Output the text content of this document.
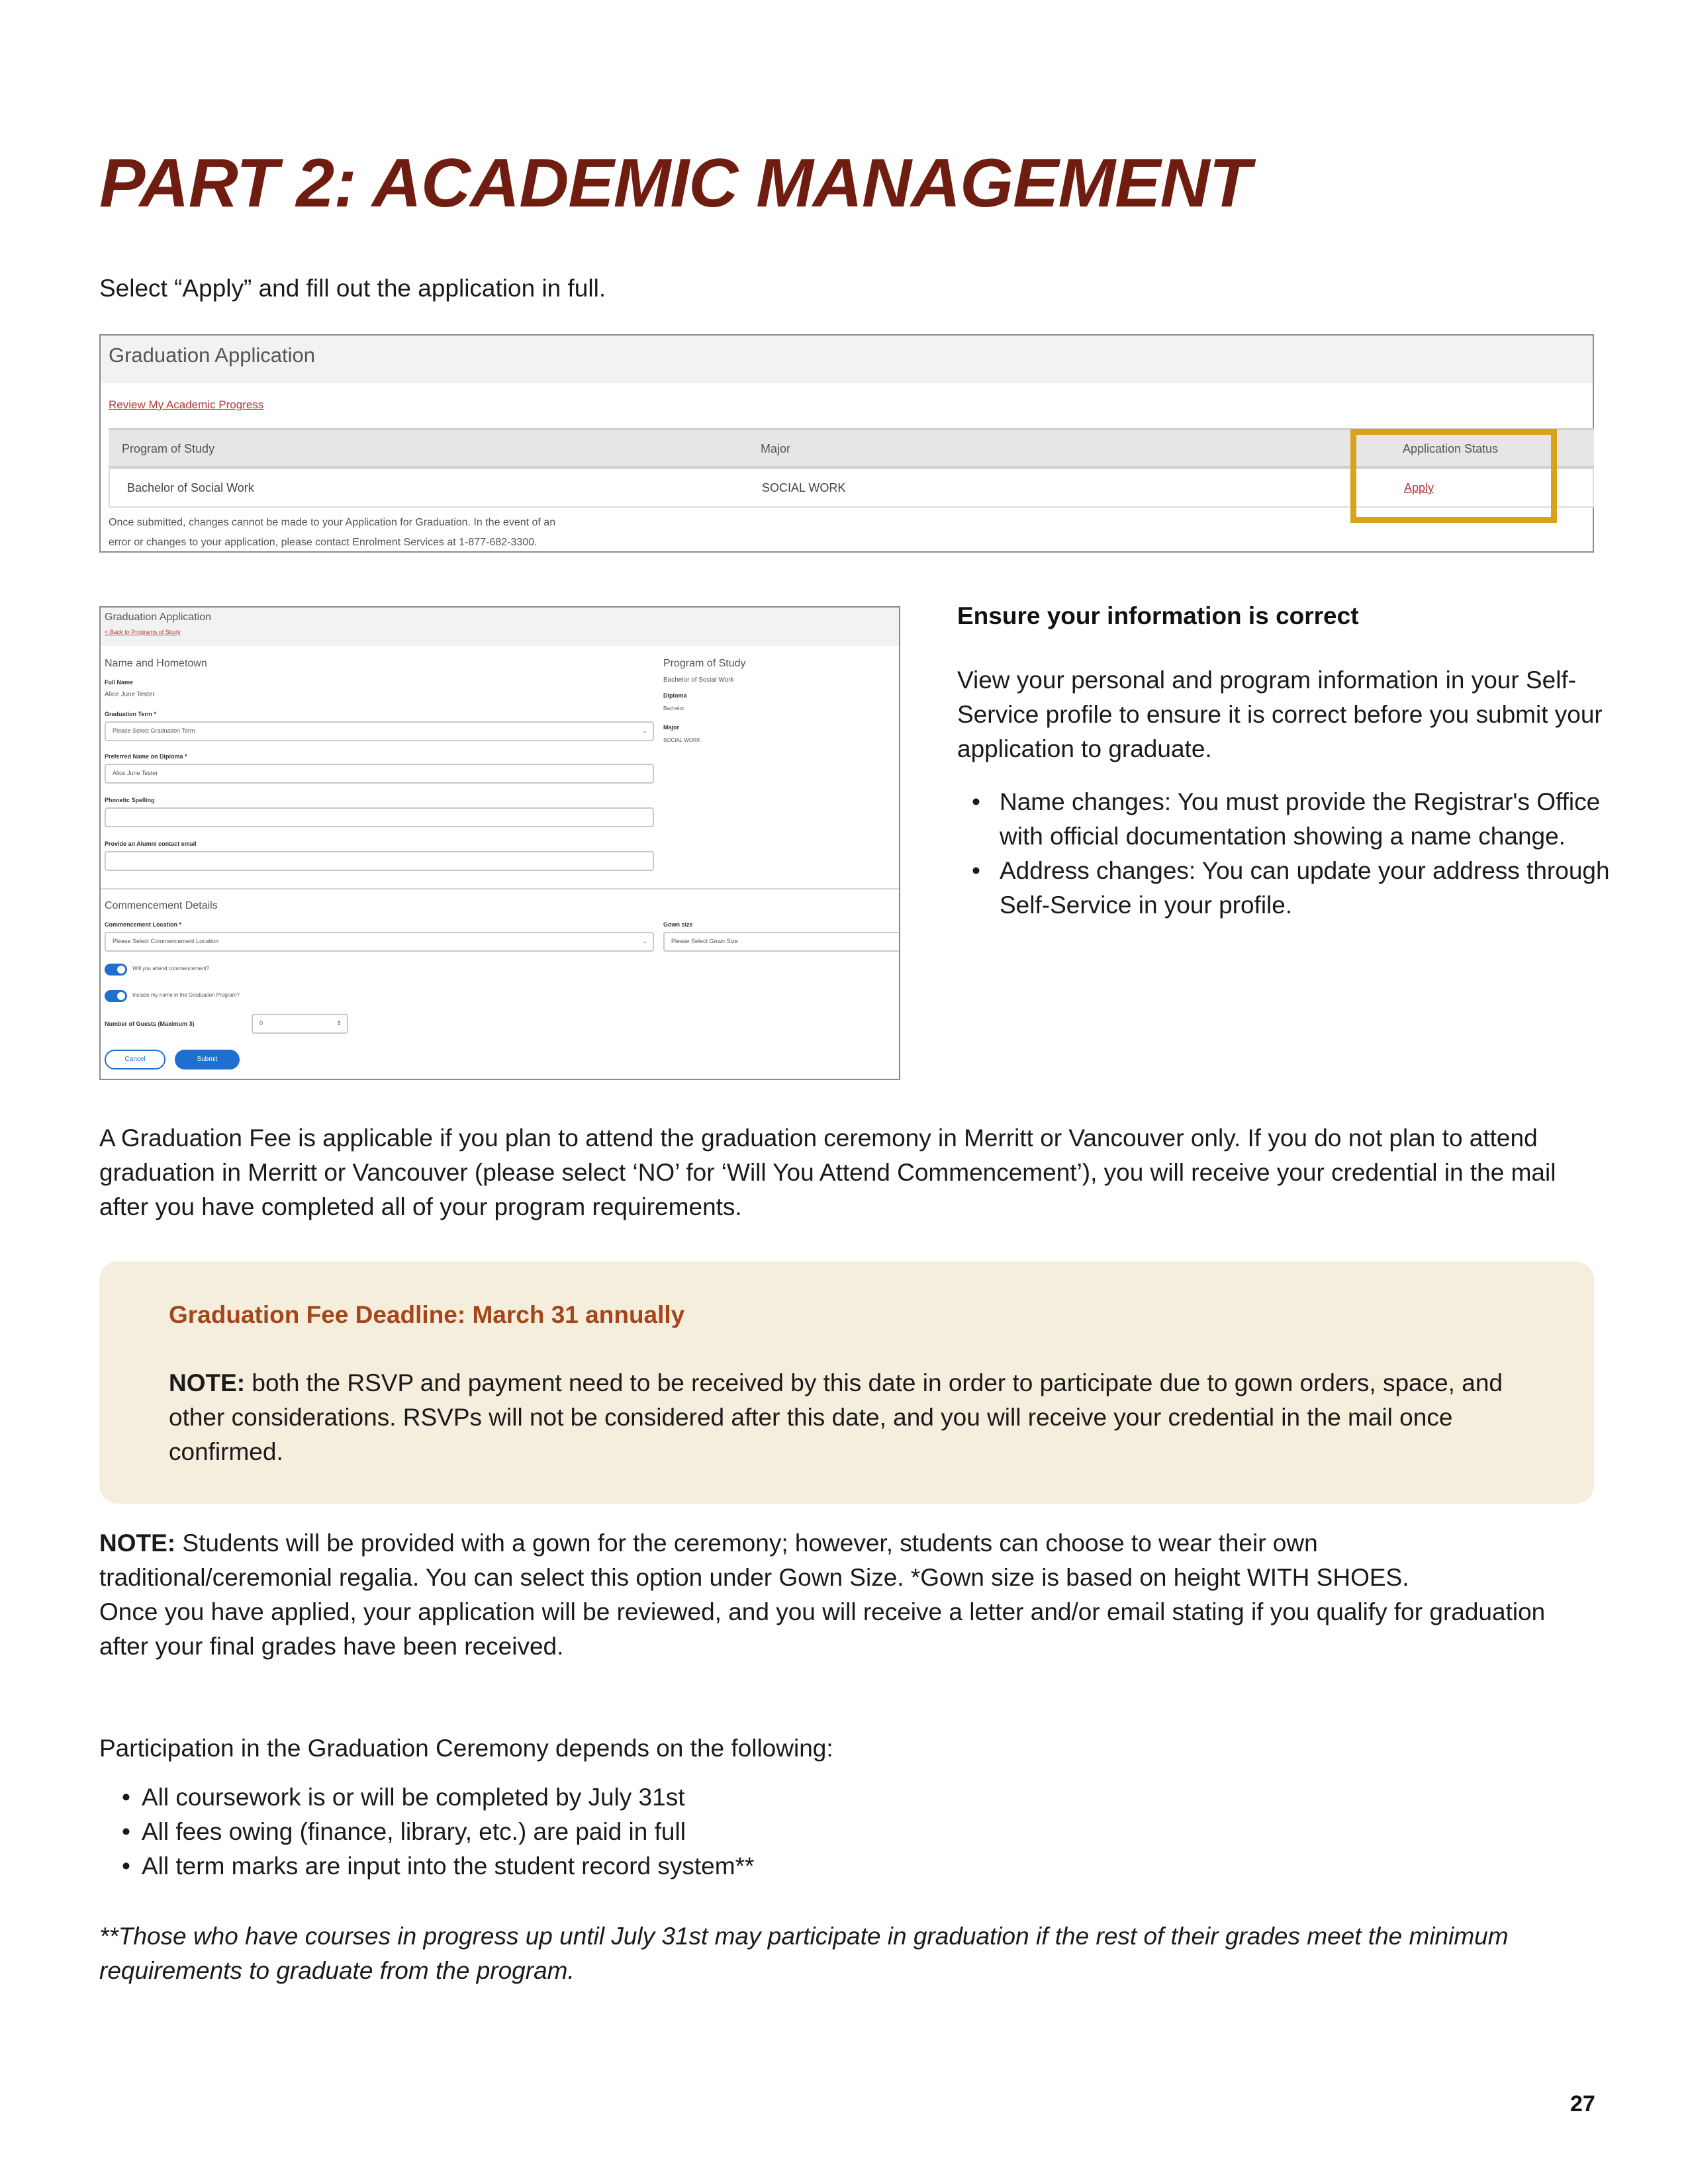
PART 2: ACADEMIC MANAGEMENT
Select “Apply” and fill out the application in full.
Graduation Application
Review My Academic Progress
Program of Study	Major	Application Status
Bachelor of Social Work	SOCIAL WORK	Apply
Once submitted, changes cannot be made to your Application for Graduation. In the event of an
error or changes to your application, please contact Enrolment Services at 1-877-682-3300.
Graduation Application
< Back to Programs of Study
Name and Hometown
Full Name
Alice June Tester
Graduation Term *
Please Select Graduation Term	⌄
Preferred Name on Diploma *
Alice June Tester
Phonetic Spelling
Provide an Alumni contact email
Program of Study
Bachelor of Social Work
Diploma
Bachelor
Major
SOCIAL WORK
Commencement Details
Commencement Location *
Please Select Commencement Location	⌄
Gown size
Please Select Gown Size
Will you attend commencement?
Include my name in the Graduation Program?
Number of Guests (Maximum 3)	0	⇕
Cancel	Submit
Ensure your information is correct
View your personal and program information in your Self-Service profile to ensure it is correct before you submit your application to graduate.
• Name changes: You must provide the Registrar's Office with official documentation showing a name change.
• Address changes: You can update your address through Self-Service in your profile.
A Graduation Fee is applicable if you plan to attend the graduation ceremony in Merritt or Vancouver only. If you do not plan to attend graduation in Merritt or Vancouver (please select ‘NO’ for ‘Will You Attend Commencement’), you will receive your credential in the mail after you have completed all of your program requirements.
Graduation Fee Deadline: March 31 annually
NOTE: both the RSVP and payment need to be received by this date in order to participate due to gown orders, space, and other considerations. RSVPs will not be considered after this date, and you will receive your credential in the mail once confirmed.
NOTE: Students will be provided with a gown for the ceremony; however, students can choose to wear their own traditional/ceremonial regalia. You can select this option under Gown Size. *Gown size is based on height WITH SHOES.
Once you have applied, your application will be reviewed, and you will receive a letter and/or email stating if you qualify for graduation after your final grades have been received.
Participation in the Graduation Ceremony depends on the following:
• All coursework is or will be completed by July 31st
• All fees owing (finance, library, etc.) are paid in full
• All term marks are input into the student record system**
**Those who have courses in progress up until July 31st may participate in graduation if the rest of their grades meet the minimum requirements to graduate from the program.
27
